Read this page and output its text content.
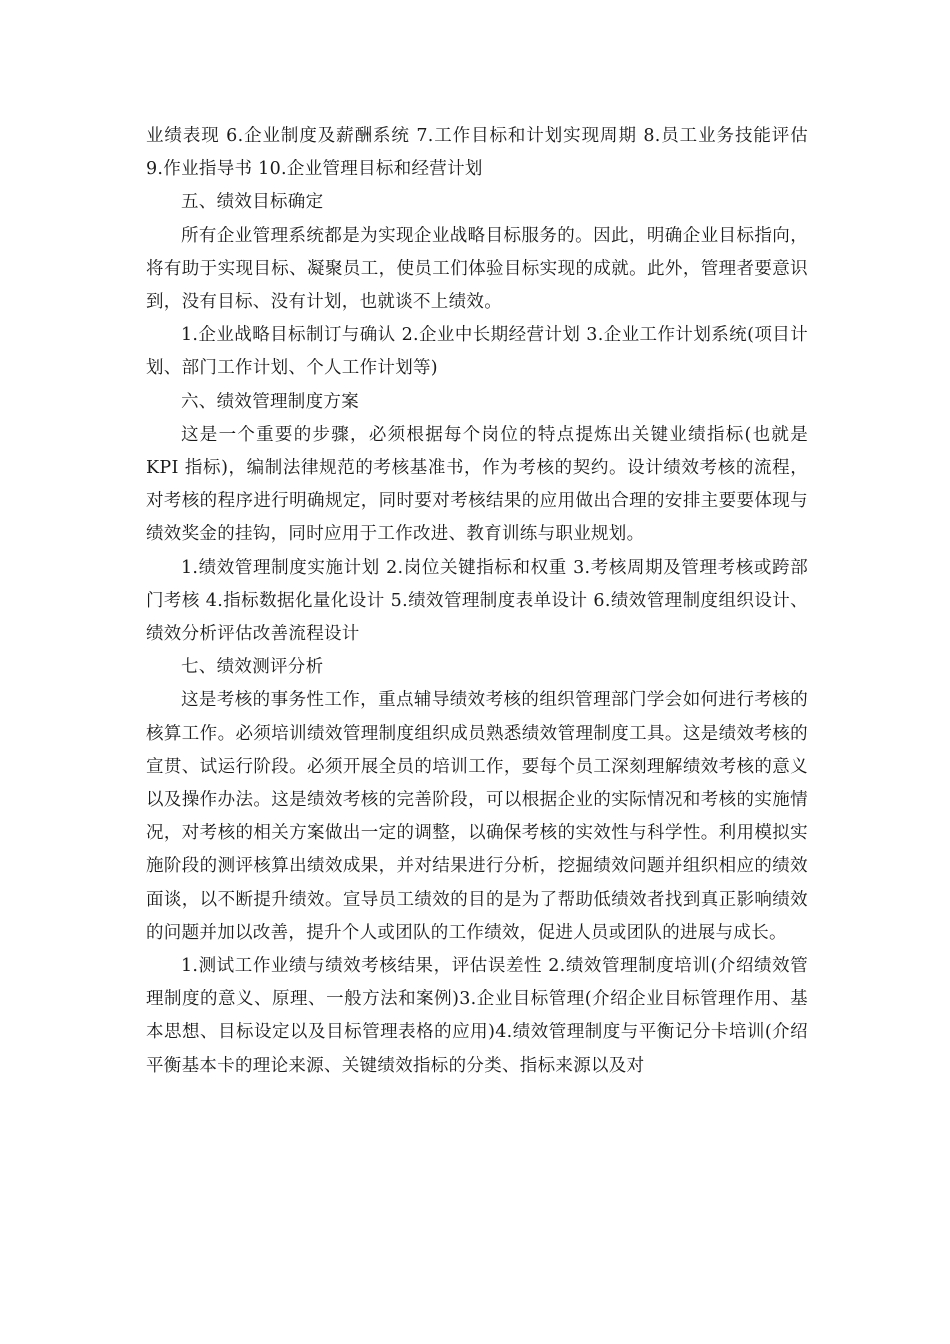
业绩表现 6.企业制度及薪酬系统 7.工作目标和计划实现周期 8.员工业务技能评估 9.作业指导书 10.企业管理目标和经营计划

五、绩效目标确定

所有企业管理系统都是为实现企业战略目标服务的。因此，明确企业目标指向，将有助于实现目标、凝聚员工，使员工们体验目标实现的成就。此外，管理者要意识到，没有目标、没有计划，也就谈不上绩效。

1.企业战略目标制订与确认 2.企业中长期经营计划 3.企业工作计划系统(项目计划、部门工作计划、个人工作计划等)

六、绩效管理制度方案

这是一个重要的步骤，必须根据每个岗位的特点提炼出关键业绩指标(也就是 KPI 指标)，编制法律规范的考核基准书，作为考核的契约。设计绩效考核的流程，对考核的程序进行明确规定，同时要对考核结果的应用做出合理的安排主要要体现与绩效奖金的挂钩，同时应用于工作改进、教育训练与职业规划。

1.绩效管理制度实施计划 2.岗位关键指标和权重 3.考核周期及管理考核或跨部门考核 4.指标数据化量化设计 5.绩效管理制度表单设计 6.绩效管理制度组织设计、绩效分析评估改善流程设计

七、绩效测评分析

这是考核的事务性工作，重点辅导绩效考核的组织管理部门学会如何进行考核的核算工作。必须培训绩效管理制度组织成员熟悉绩效管理制度工具。这是绩效考核的宣贯、试运行阶段。必须开展全员的培训工作，要每个员工深刻理解绩效考核的意义以及操作办法。这是绩效考核的完善阶段，可以根据企业的实际情况和考核的实施情况，对考核的相关方案做出一定的调整，以确保考核的实效性与科学性。利用模拟实施阶段的测评核算出绩效成果，并对结果进行分析，挖掘绩效问题并组织相应的绩效面谈，以不断提升绩效。宣导员工绩效的目的是为了帮助低绩效者找到真正影响绩效的问题并加以改善，提升个人或团队的工作绩效，促进人员或团队的进展与成长。

1.测试工作业绩与绩效考核结果，评估误差性 2.绩效管理制度培训(介绍绩效管理制度的意义、原理、一般方法和案例)3.企业目标管理(介绍企业目标管理作用、基本思想、目标设定以及目标管理表格的应用)4.绩效管理制度与平衡记分卡培训(介绍平衡基本卡的理论来源、关键绩效指标的分类、指标来源以及对
